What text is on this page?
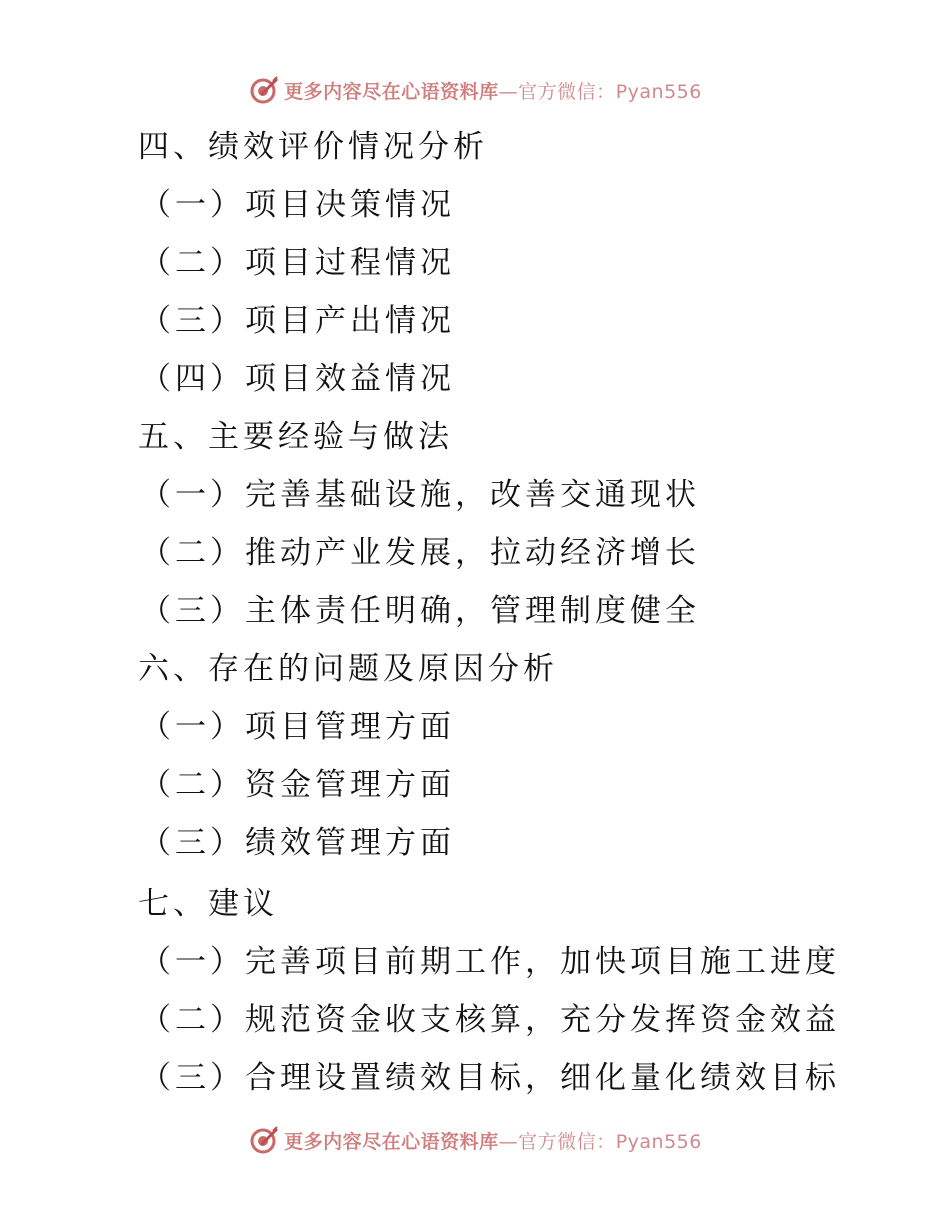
更多内容尽在心语资料库—官方微信：Pyan556
四、绩效评价情况分析
（一）项目决策情况
（二）项目过程情况
（三）项目产出情况
（四）项目效益情况
五、主要经验与做法
（一）完善基础设施，改善交通现状
（二）推动产业发展，拉动经济增长
（三）主体责任明确，管理制度健全
六、存在的问题及原因分析
（一）项目管理方面
（二）资金管理方面
（三）绩效管理方面
七、建议
（一）完善项目前期工作，加快项目施工进度
（二）规范资金收支核算，充分发挥资金效益
（三）合理设置绩效目标，细化量化绩效目标
更多内容尽在心语资料库—官方微信：Pyan556
